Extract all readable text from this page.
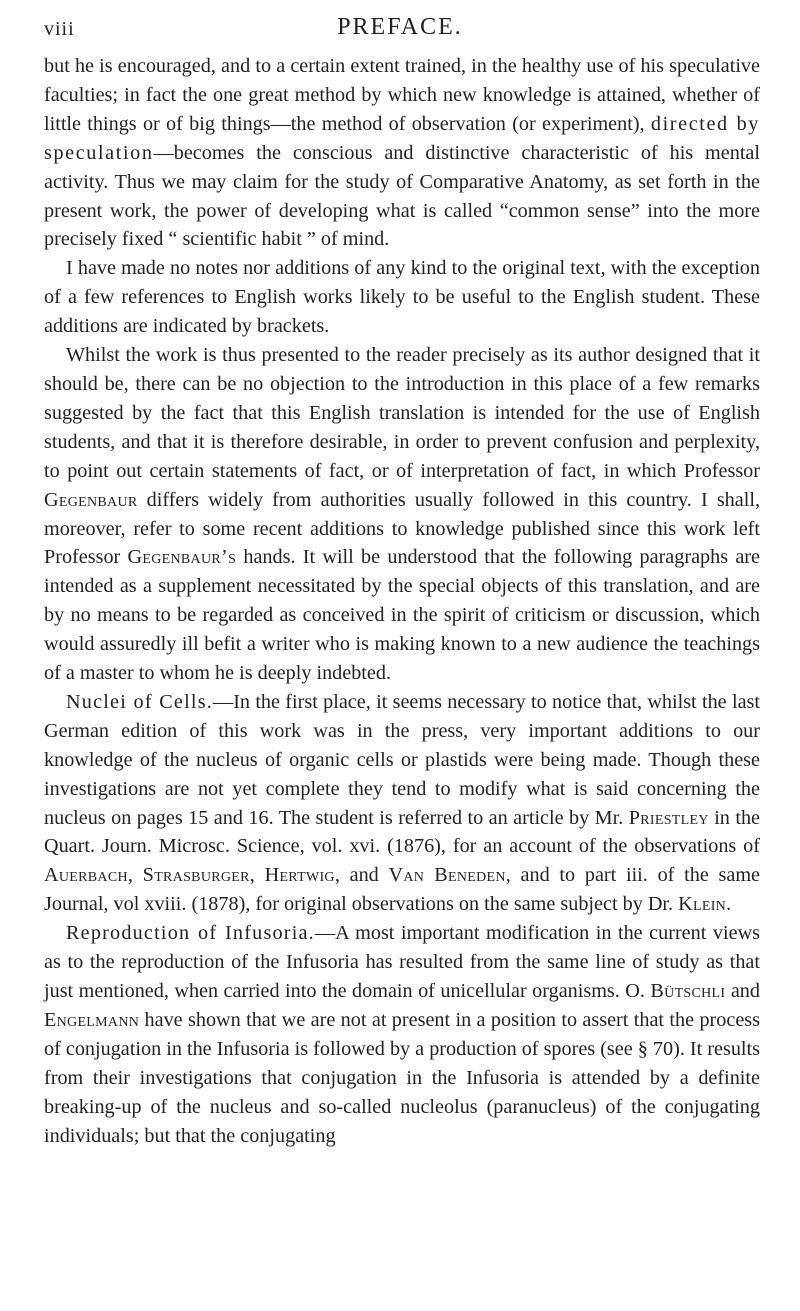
viii	PREFACE.

but he is encouraged, and to a certain extent trained, in the healthy use of his speculative faculties; in fact the one great method by which new knowledge is attained, whether of little things or of big things—the method of observation (or experiment), directed by speculation—becomes the conscious and distinctive characteristic of his mental activity. Thus we may claim for the study of Comparative Anatomy, as set forth in the present work, the power of developing what is called “common sense” into the more precisely fixed “ scientific habit ” of mind.

I have made no notes nor additions of any kind to the original text, with the exception of a few references to English works likely to be useful to the English student. These additions are indicated by brackets.

Whilst the work is thus presented to the reader precisely as its author designed that it should be, there can be no objection to the introduction in this place of a few remarks suggested by the fact that this English translation is intended for the use of English students, and that it is therefore desirable, in order to prevent confusion and perplexity, to point out certain statements of fact, or of interpretation of fact, in which Professor Gegenbaur differs widely from authorities usually followed in this country. I shall, moreover, refer to some recent additions to knowledge published since this work left Professor Gegenbaur’s hands. It will be understood that the following paragraphs are intended as a supplement necessitated by the special objects of this translation, and are by no means to be regarded as conceived in the spirit of criticism or discussion, which would assuredly ill befit a writer who is making known to a new audience the teachings of a master to whom he is deeply indebted.

Nuclei of Cells.—In the first place, it seems necessary to notice that, whilst the last German edition of this work was in the press, very important additions to our knowledge of the nucleus of organic cells or plastids were being made. Though these investigations are not yet complete they tend to modify what is said concerning the nucleus on pages 15 and 16. The student is referred to an article by Mr. Priestley in the Quart. Journ. Microsc. Science, vol. xvi. (1876), for an account of the observations of Auerbach, Strasburger, Hertwig, and Van Beneden, and to part iii. of the same Journal, vol xviii. (1878), for original observations on the same subject by Dr. Klein.

Reproduction of Infusoria.—A most important modification in the current views as to the reproduction of the Infusoria has resulted from the same line of study as that just mentioned, when carried into the domain of unicellular organisms. O. Bütschli and Engelmann have shown that we are not at present in a position to assert that the process of conjugation in the Infusoria is followed by a production of spores (see § 70). It results from their investigations that conjugation in the Infusoria is attended by a definite breaking-up of the nucleus and so-called nucleolus (paranucleus) of the conjugating individuals; but that the conjugating
